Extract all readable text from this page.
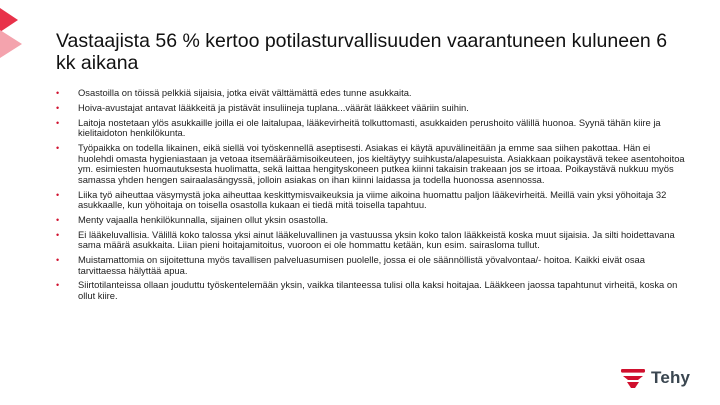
Vastaajista 56 % kertoo potilasturvallisuuden vaarantuneen kuluneen 6 kk aikana
• Osastoilla on töissä pelkkiä sijaisia, jotka eivät välttämättä edes tunne asukkaita.
• Hoiva-avustajat antavat lääkkeitä ja pistävät insuliineja tuplana...väärät lääkkeet vääriin suihin.
• Laitoja nostetaan ylös asukkaille joilla ei ole laitalupaa, lääkevirheitä tolkuttomasti, asukkaiden perushoito välillä huonoa. Syynä tähän kiire ja kielitaidoton henkilökunta.
• Työpaikka on todella likainen, eikä siellä voi työskennellä aseptisesti. Asiakas ei käytä apuvälineitään ja emme saa siihen pakottaa. Hän ei huolehdi omasta hygieniastaan ja vetoaa itsemääräämisoikeuteen, jos kieltäytyy suihkusta/alapesuista. Asiakkaan poikaystävä tekee asentohoitoa ym. esimiesten huomautuksesta huolimatta, sekä laittaa hengityskoneen putkea kiinni takaisin trakeaan jos se irtoaa. Poikaystävä nukkuu myös samassa yhden hengen sairaalasängyssä, jolloin asiakas on ihan kiinni laidassa ja todella huonossa asennossa.
• Liika työ aiheuttaa väsymystä joka aiheuttaa keskittymisvaikeuksia ja viime aikoina huomattu paljon lääkevirheitä. Meillä vain yksi yöhoitaja 32 asukkaalle, kun yöhoitaja on toisella osastolla kukaan ei tiedä mitä toisella tapahtuu.
• Menty vajaalla henkilökunnalla, sijainen ollut yksin osastolla.
• Ei lääkeluvallisia. Välillä koko talossa yksi ainut lääkeluvallinen ja vastuussa yksin koko talon lääkkeistä koska muut sijaisia. Ja silti hoidettavana sama määrä asukkaita. Liian pieni hoitajamitoitus, vuoroon ei ole hommattu ketään, kun esim. sairasloma tullut.
• Muistamattomia on sijoitettuna myös tavallisen palveluasumisen puolelle, jossa ei ole säännöllistä yövalvontaa/- hoitoa. Kaikki eivät osaa tarvittaessa hälyttää apua.
• Siirtotilanteissa ollaan jouduttu työskentelemään yksin, vaikka tilanteessa tulisi olla kaksi hoitajaa. Lääkkeen jaossa tapahtunut virheitä, koska on ollut kiire.
Tehy
